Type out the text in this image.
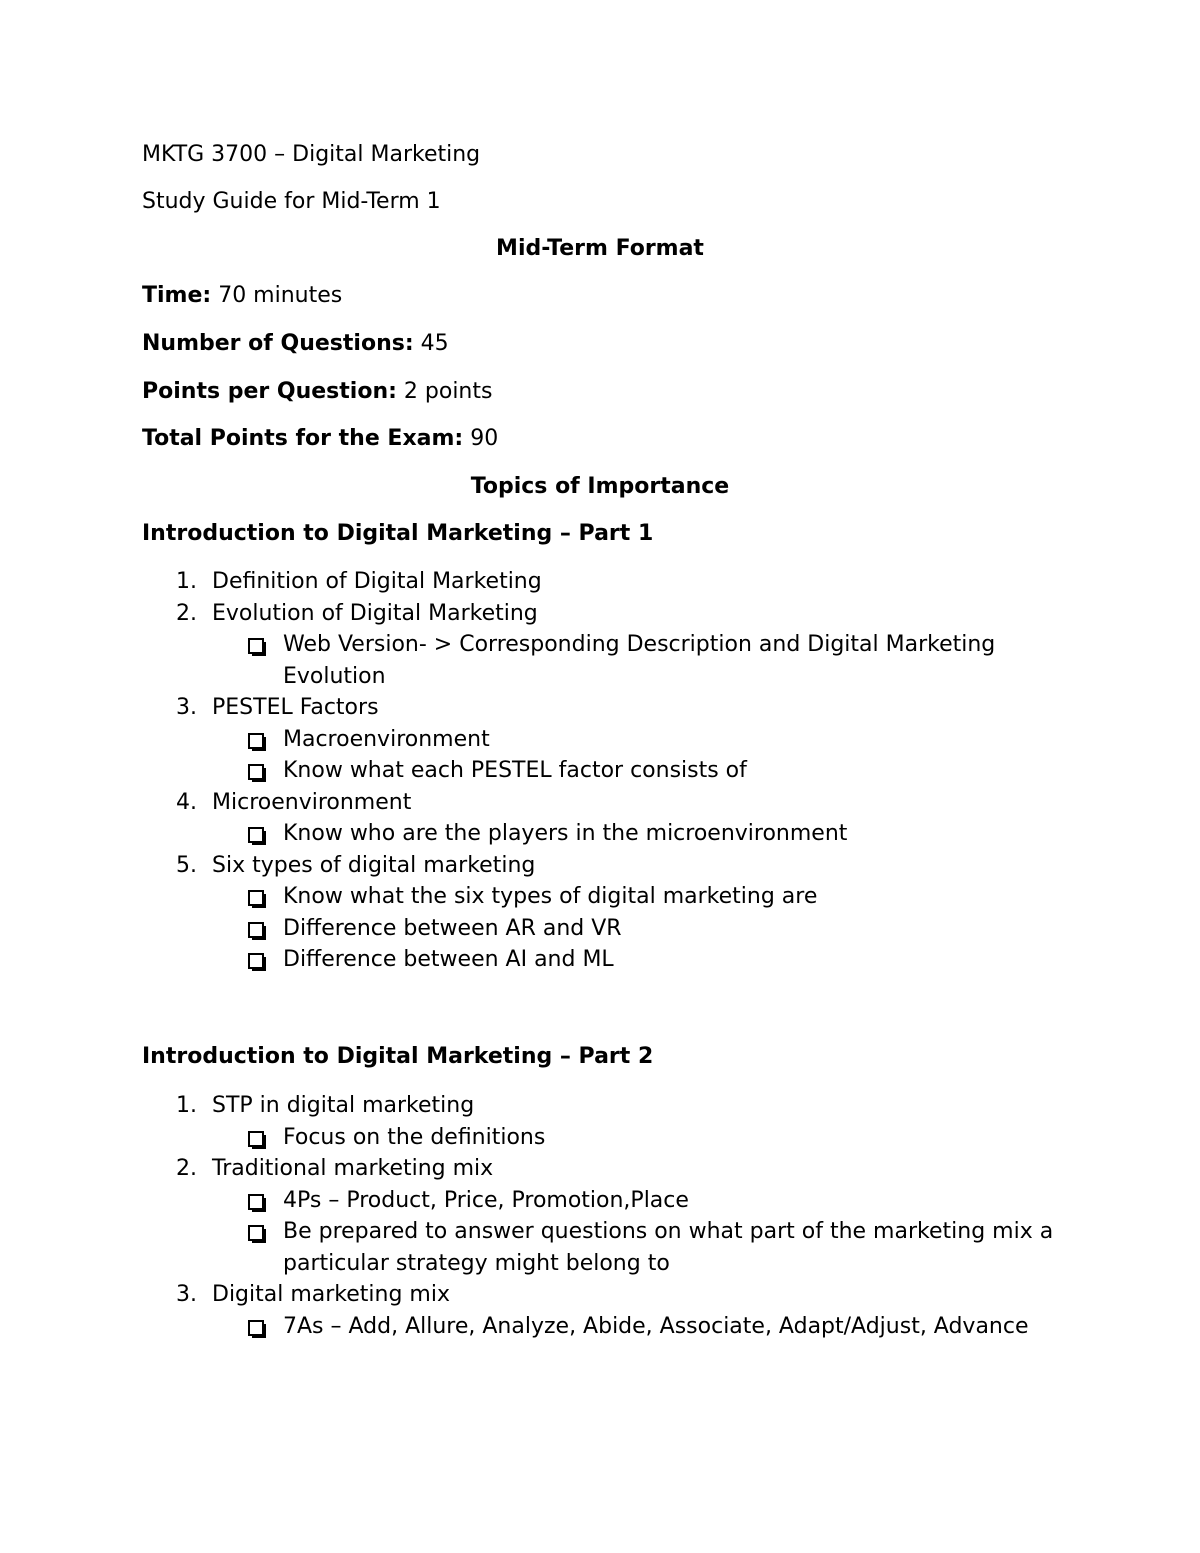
MKTG 3700 – Digital Marketing
Study Guide for Mid-Term 1
Mid-Term Format
Time: 70 minutes
Number of Questions: 45
Points per Question: 2 points
Total Points for the Exam: 90
Topics of Importance
Introduction to Digital Marketing – Part 1
1. Definition of Digital Marketing
2. Evolution of Digital Marketing
Web Version- > Corresponding Description and Digital Marketing Evolution
3. PESTEL Factors
Macroenvironment
Know what each PESTEL factor consists of
4. Microenvironment
Know who are the players in the microenvironment
5. Six types of digital marketing
Know what the six types of digital marketing are
Difference between AR and VR
Difference between AI and ML
Introduction to Digital Marketing – Part 2
1. STP in digital marketing
Focus on the definitions
2. Traditional marketing mix
4Ps – Product, Price, Promotion,Place
Be prepared to answer questions on what part of the marketing mix a particular strategy might belong to
3. Digital marketing mix
7As – Add, Allure, Analyze, Abide, Associate, Adapt/Adjust, Advance
